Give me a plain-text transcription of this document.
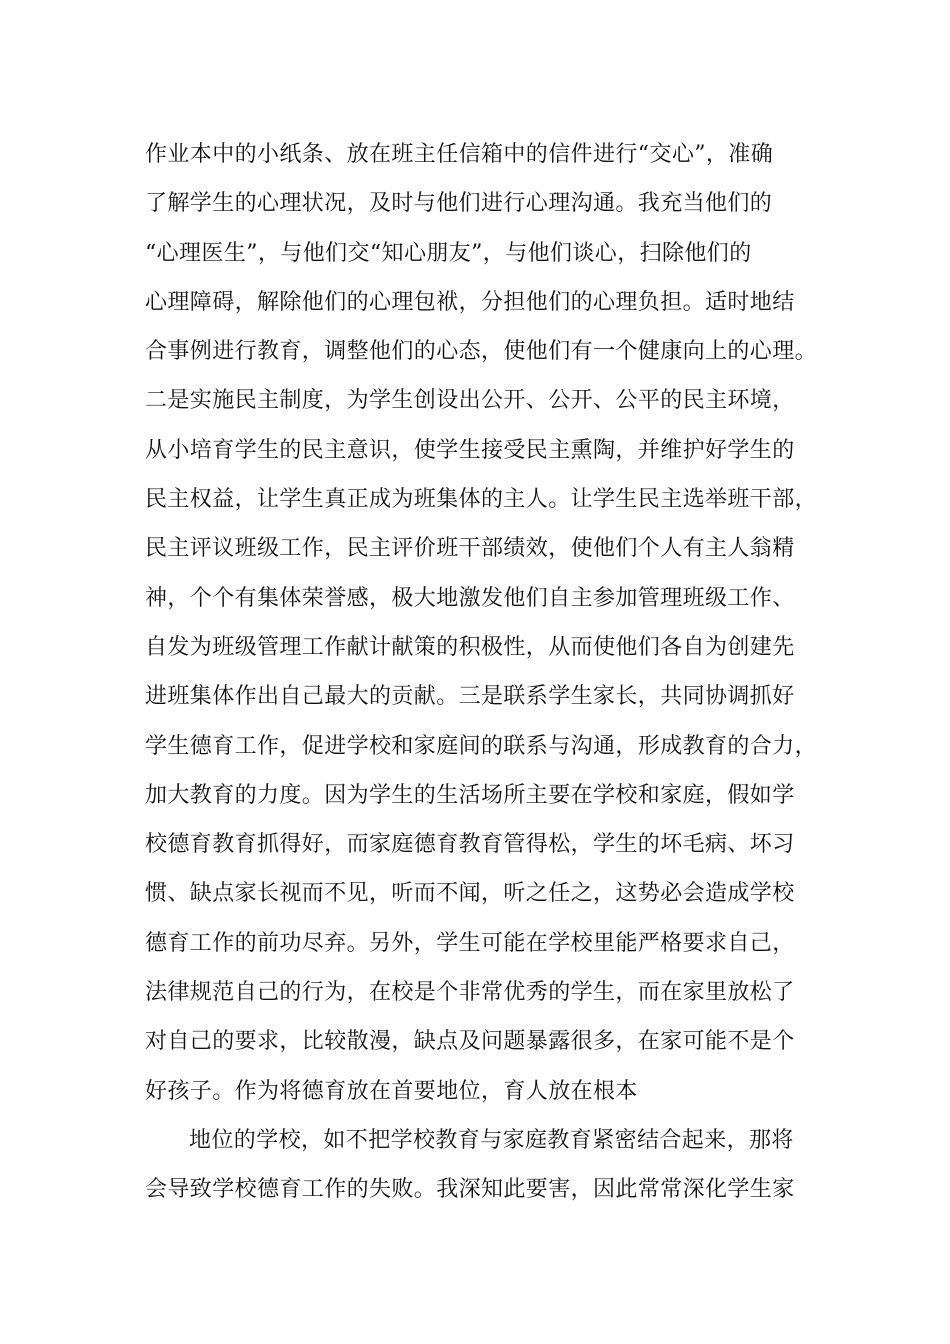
作业本中的小纸条、放在班主任信箱中的信件进行“交心”，准确
了解学生的心理状况，及时与他们进行心理沟通。我充当他们的
“心理医生”，与他们交“知心朋友”，与他们谈心，扫除他们的
心理障碍，解除他们的心理包袱，分担他们的心理负担。适时地结
合事例进行教育，调整他们的心态，使他们有一个健康向上的心理。
二是实施民主制度，为学生创设出公开、公开、公平的民主环境，
从小培育学生的民主意识，使学生接受民主熏陶，并维护好学生的
民主权益，让学生真正成为班集体的主人。让学生民主选举班干部，
民主评议班级工作，民主评价班干部绩效，使他们个人有主人翁精
神，个个有集体荣誉感，极大地激发他们自主参加管理班级工作、
自发为班级管理工作献计献策的积极性，从而使他们各自为创建先
进班集体作出自己最大的贡献。三是联系学生家长，共同协调抓好
学生德育工作，促进学校和家庭间的联系与沟通，形成教育的合力，
加大教育的力度。因为学生的生活场所主要在学校和家庭，假如学
校德育教育抓得好，而家庭德育教育管得松，学生的坏毛病、坏习
惯、缺点家长视而不见，听而不闻，听之任之，这势必会造成学校
德育工作的前功尽弃。另外，学生可能在学校里能严格要求自己，
法律规范自己的行为，在校是个非常优秀的学生，而在家里放松了
对自己的要求，比较散漫，缺点及问题暴露很多，在家可能不是个
好孩子。作为将德育放在首要地位，育人放在根本
地位的学校，如不把学校教育与家庭教育紧密结合起来，那将
会导致学校德育工作的失败。我深知此要害，因此常常深化学生家
